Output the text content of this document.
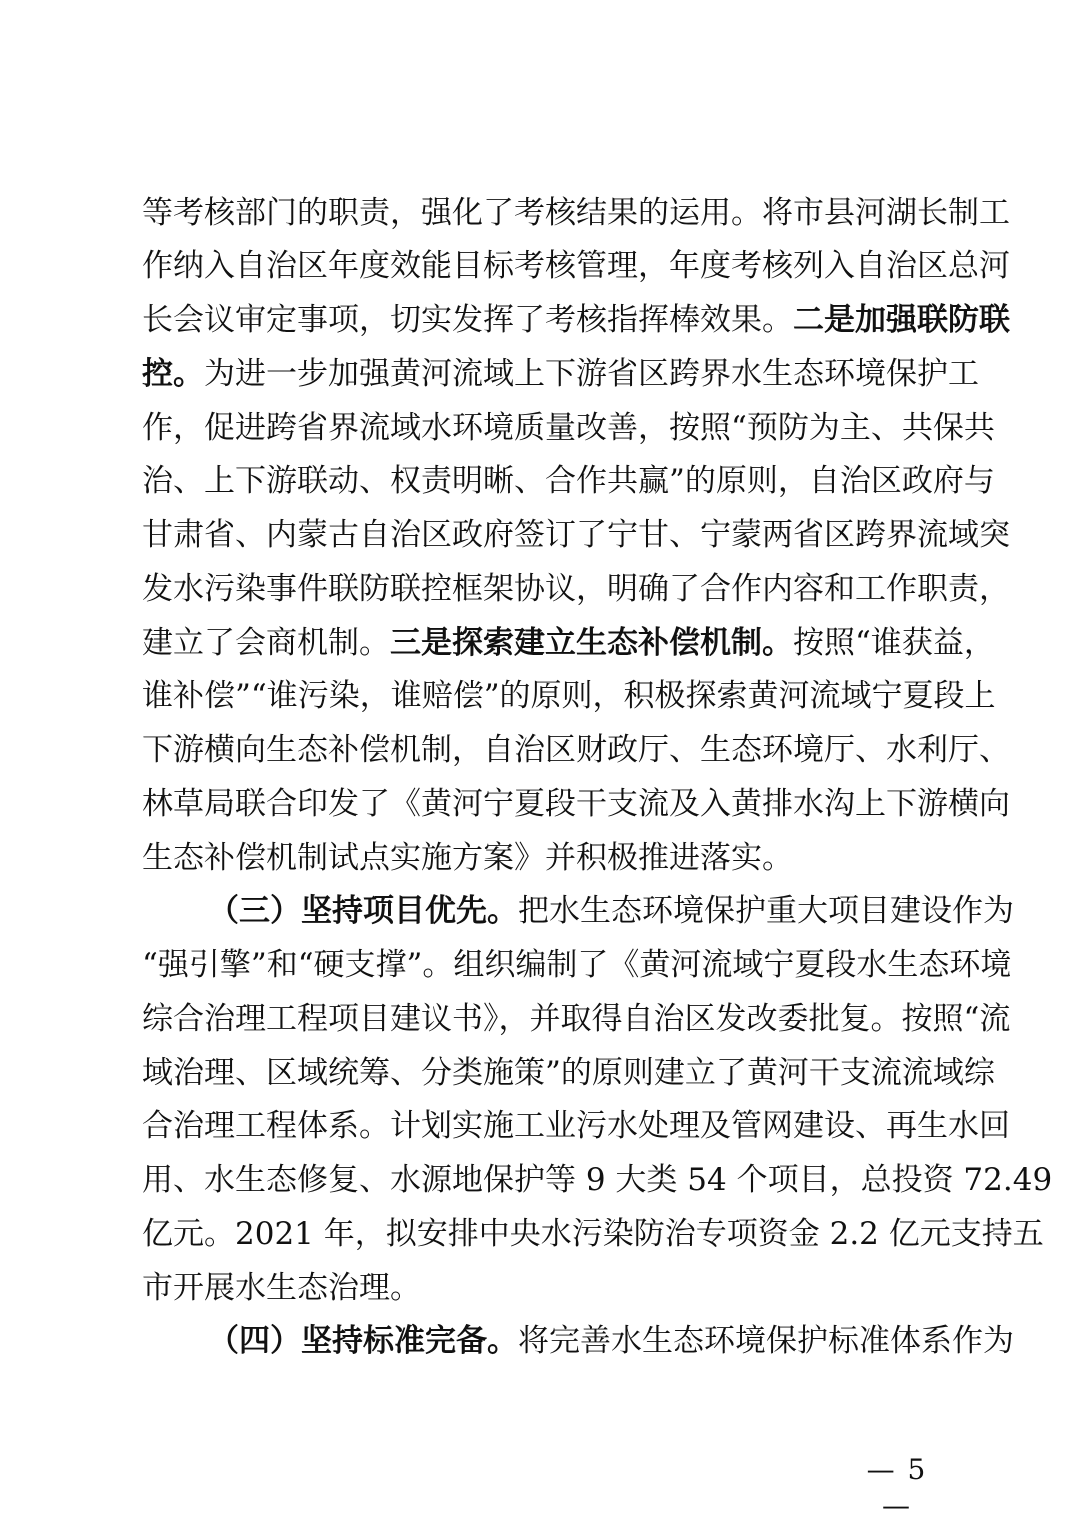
等考核部门的职责，强化了考核结果的运用。将市县河湖长制工
作纳入自治区年度效能目标考核管理，年度考核列入自治区总河
长会议审定事项，切实发挥了考核指挥棒效果。二是加强联防联
控。为进一步加强黄河流域上下游省区跨界水生态环境保护工
作，促进跨省界流域水环境质量改善，按照“预防为主、共保共
治、上下游联动、权责明晰、合作共赢”的原则，自治区政府与
甘肃省、内蒙古自治区政府签订了宁甘、宁蒙两省区跨界流域突
发水污染事件联防联控框架协议，明确了合作内容和工作职责，
建立了会商机制。三是探索建立生态补偿机制。按照“谁获益，
谁补偿”“谁污染，谁赔偿”的原则，积极探索黄河流域宁夏段上
下游横向生态补偿机制，自治区财政厅、生态环境厅、水利厅、
林草局联合印发了《黄河宁夏段干支流及入黄排水沟上下游横向
生态补偿机制试点实施方案》并积极推进落实。
（三）坚持项目优先。把水生态环境保护重大项目建设作为
“强引擎”和“硬支撑”。组织编制了《黄河流域宁夏段水生态环境
综合治理工程项目建议书》，并取得自治区发改委批复。按照“流
域治理、区域统筹、分类施策”的原则建立了黄河干支流流域综
合治理工程体系。计划实施工业污水处理及管网建设、再生水回
用、水生态修复、水源地保护等 9 大类 54 个项目，总投资 72.49
亿元。2021 年，拟安排中央水污染防治专项资金 2.2 亿元支持五
市开展水生态治理。
（四）坚持标准完备。将完善水生态环境保护标准体系作为
— 5 —
